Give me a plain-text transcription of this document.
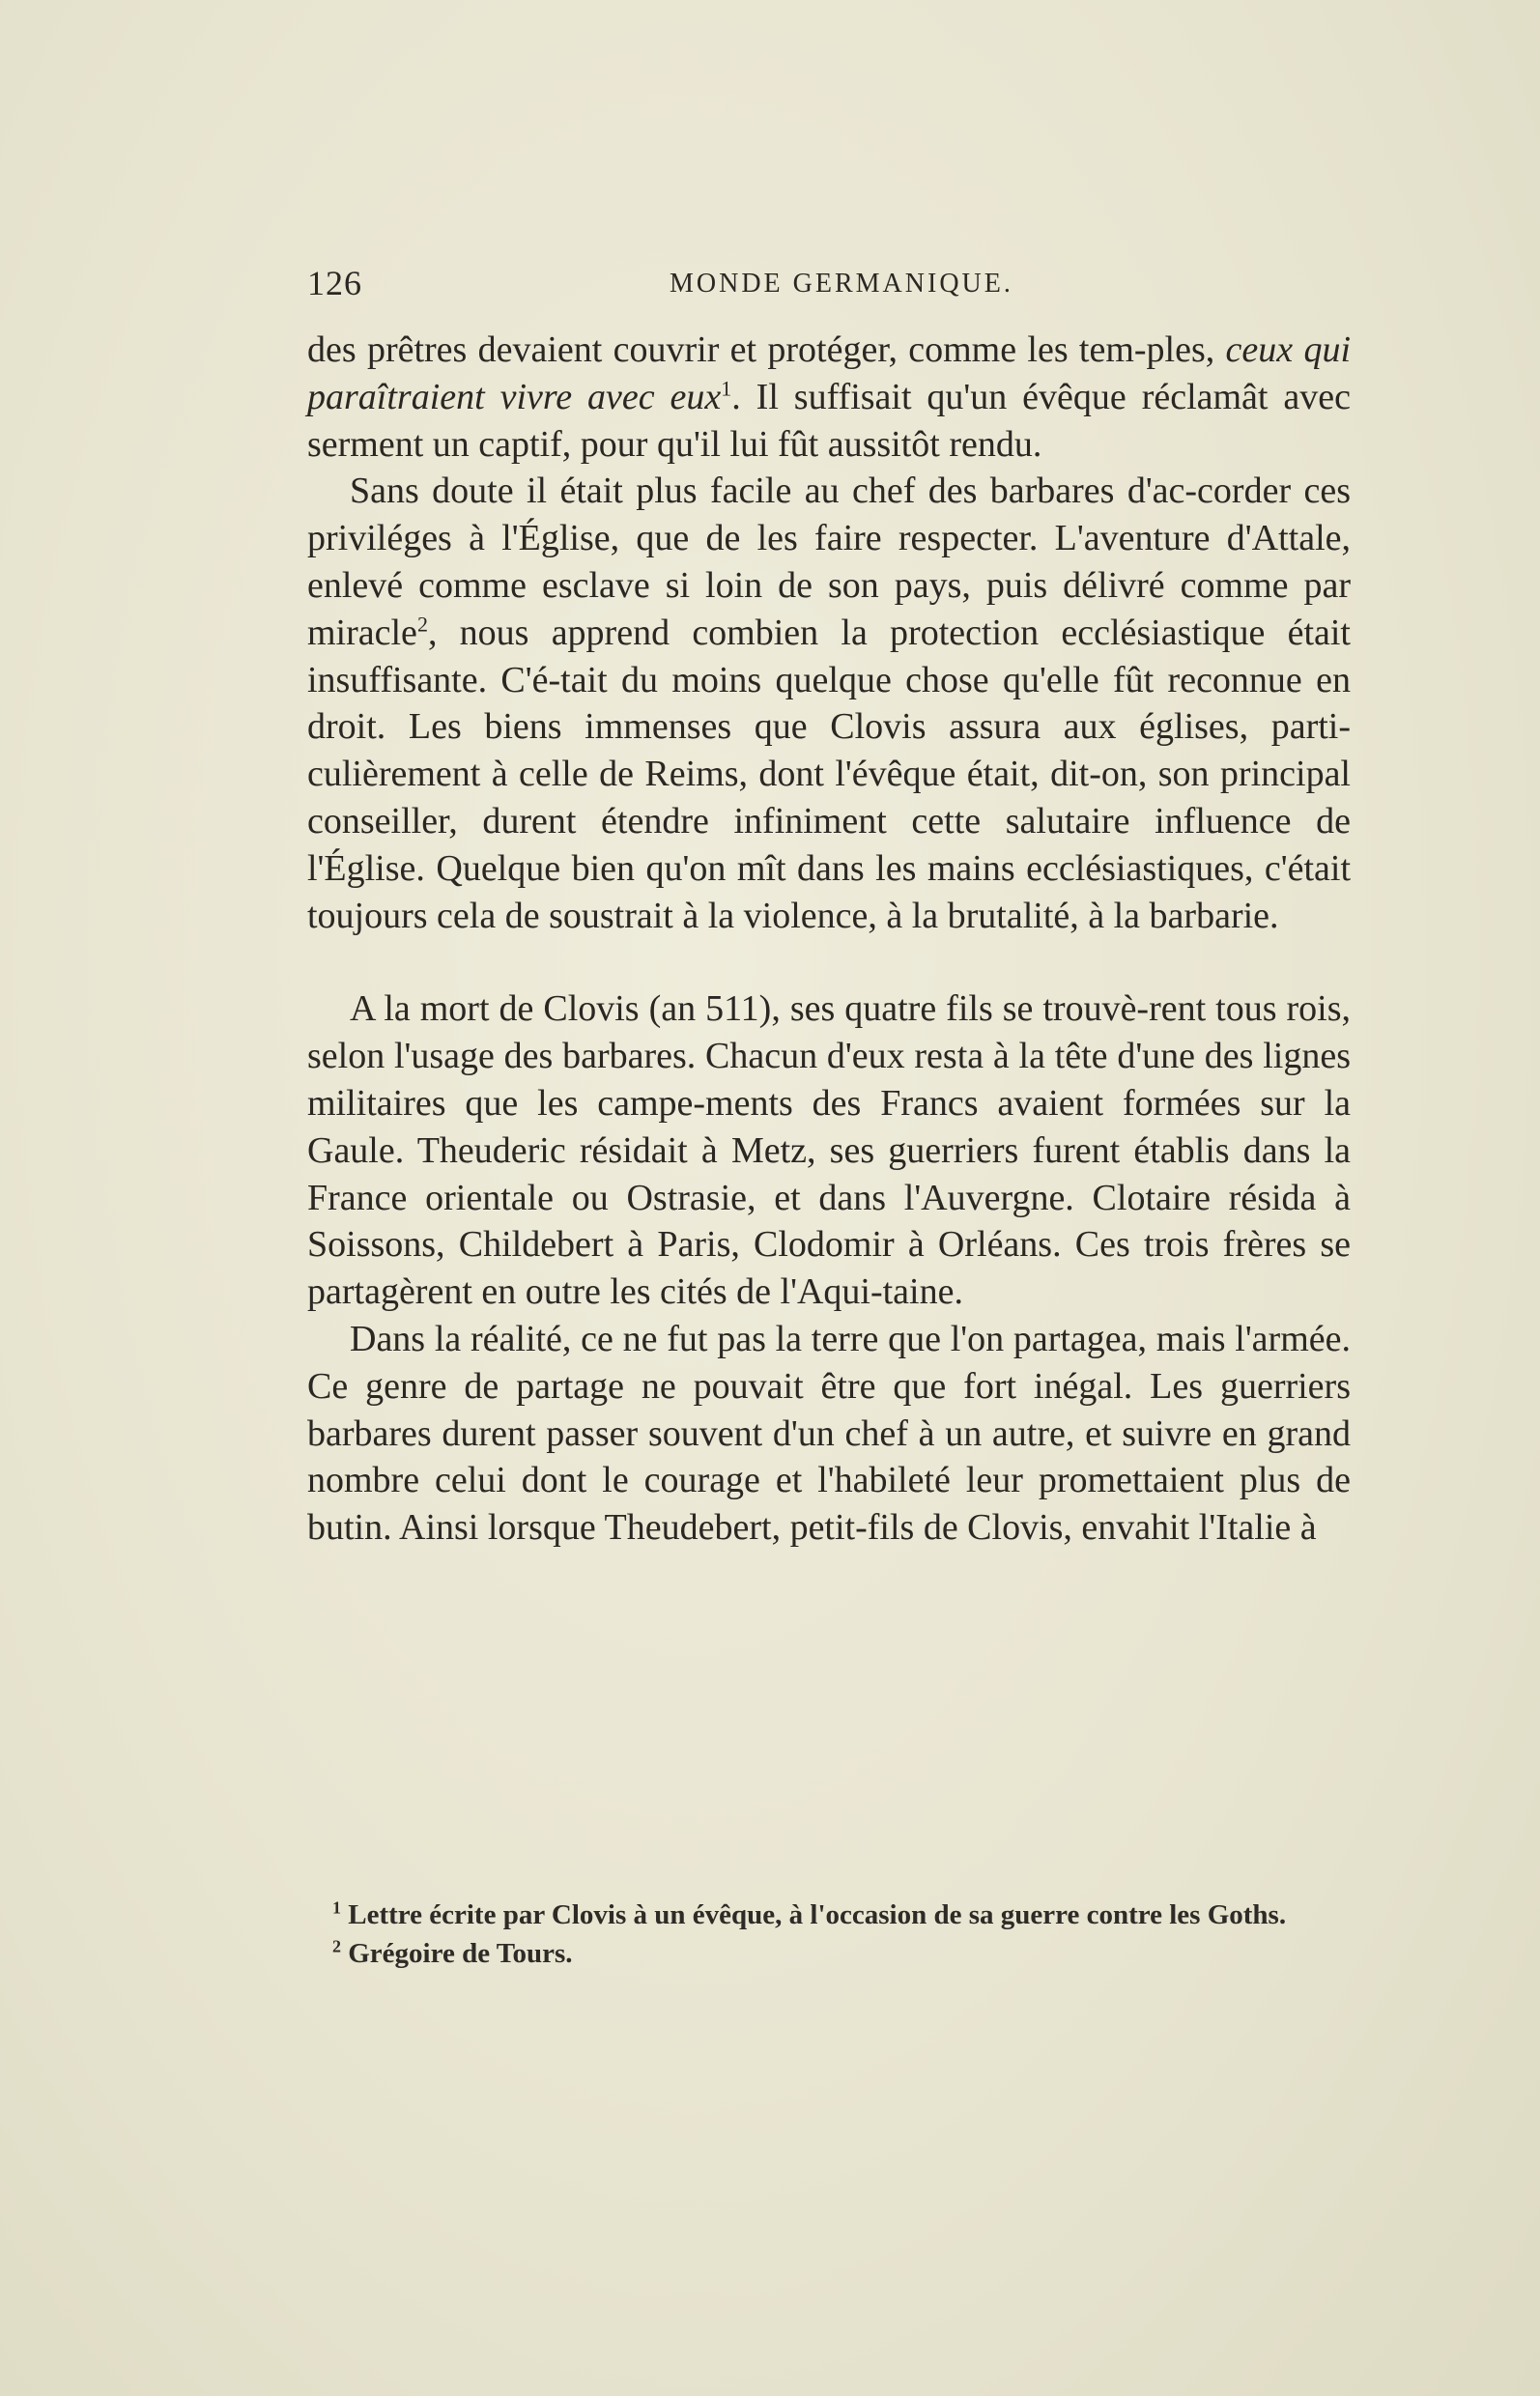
126	MONDE GERMANIQUE.

des prêtres devaient couvrir et protéger, comme les tem-ples, ceux qui paraîtraient vivre avec eux$^1$. Il suffisait qu'un évêque réclamât avec serment un captif, pour qu'il lui fût aussitôt rendu.

Sans doute il était plus facile au chef des barbares d'ac-corder ces priviléges à l'Église, que de les faire respecter. L'aventure d'Attale, enlevé comme esclave si loin de son pays, puis délivré comme par miracle$^2$, nous apprend combien la protection ecclésiastique était insuffisante. C'é-tait du moins quelque chose qu'elle fût reconnue en droit. Les biens immenses que Clovis assura aux églises, parti-culièrement à celle de Reims, dont l'évêque était, dit-on, son principal conseiller, durent étendre infiniment cette salutaire influence de l'Église. Quelque bien qu'on mît dans les mains ecclésiastiques, c'était toujours cela de soustrait à la violence, à la brutalité, à la barbarie.

A la mort de Clovis (an 511), ses quatre fils se trouvè-rent tous rois, selon l'usage des barbares. Chacun d'eux resta à la tête d'une des lignes militaires que les campe-ments des Francs avaient formées sur la Gaule. Theuderic résidait à Metz, ses guerriers furent établis dans la France orientale ou Ostrasie, et dans l'Auvergne. Clotaire résida à Soissons, Childebert à Paris, Clodomir à Orléans. Ces trois frères se partagèrent en outre les cités de l'Aqui-taine.

Dans la réalité, ce ne fut pas la terre que l'on partagea, mais l'armée. Ce genre de partage ne pouvait être que fort inégal. Les guerriers barbares durent passer souvent d'un chef à un autre, et suivre en grand nombre celui dont le courage et l'habileté leur promettaient plus de butin. Ainsi lorsque Theudebert, petit-fils de Clovis, envahit l'Italie à

$^1$ Lettre écrite par Clovis à un évêque, à l'occasion de sa guerre contre les Goths.

$^2$ Grégoire de Tours.
